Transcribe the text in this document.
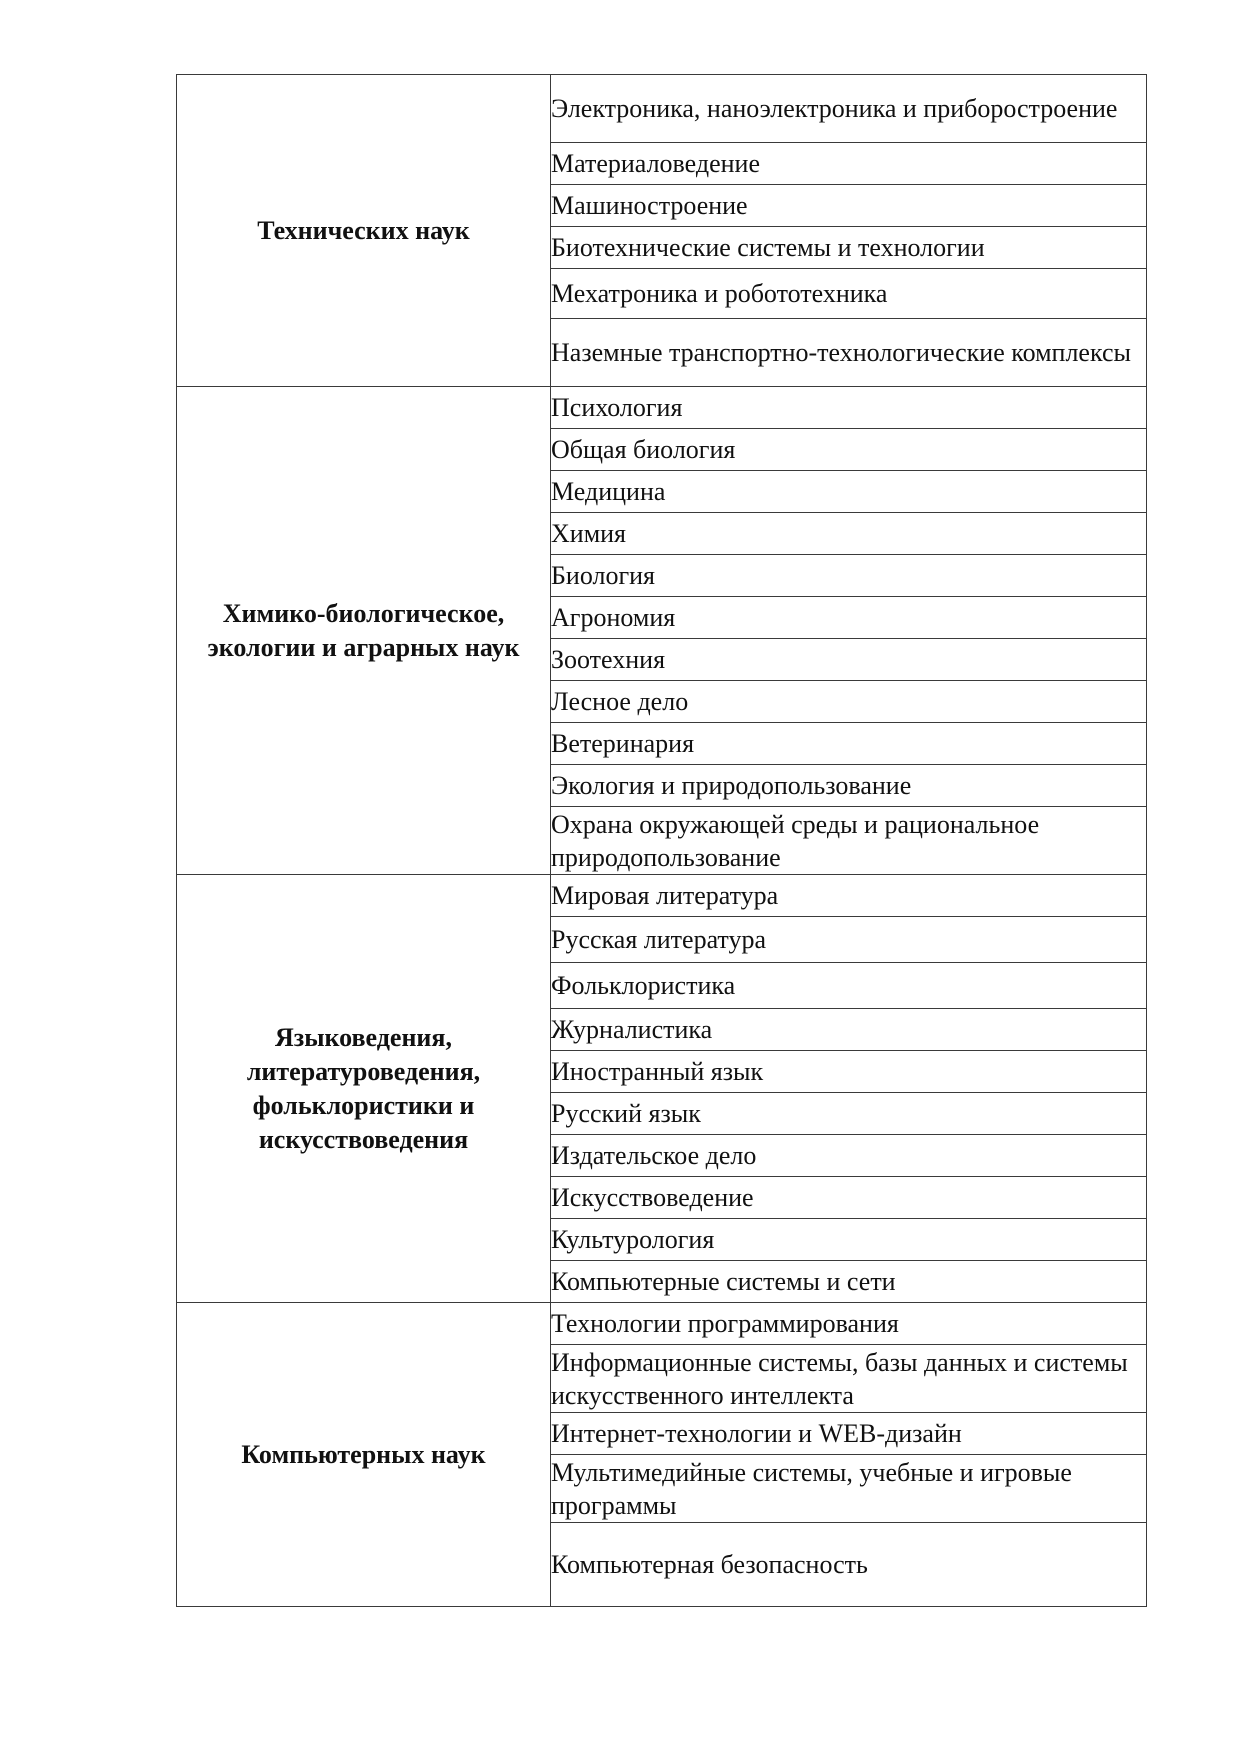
Технических наук	Электроника, наноэлектроника и приборостроение
	Материаловедение
	Машиностроение
	Биотехнические системы и технологии
	Мехатроника и робототехника
	Наземные транспортно-технологические комплексы
Химико-биологическое, экологии и аграрных наук	Психология
	Общая биология
	Медицина
	Химия
	Биология
	Агрономия
	Зоотехния
	Лесное дело
	Ветеринария
	Экология и природопользование
	Охрана окружающей среды и рациональное природопользование
Языковедения, литературоведения, фольклористики и искусствоведения	Мировая литература
	Русская литература
	Фольклористика
	Журналистика
	Иностранный язык
	Русский язык
	Издательское дело
	Искусствоведение
	Культурология
	Компьютерные системы и сети
Компьютерных наук	Технологии программирования
	Информационные системы, базы данных и системы искусственного интеллекта
	Интернет-технологии и WEB-дизайн
	Мультимедийные системы, учебные и игровые программы
	Компьютерная безопасность
